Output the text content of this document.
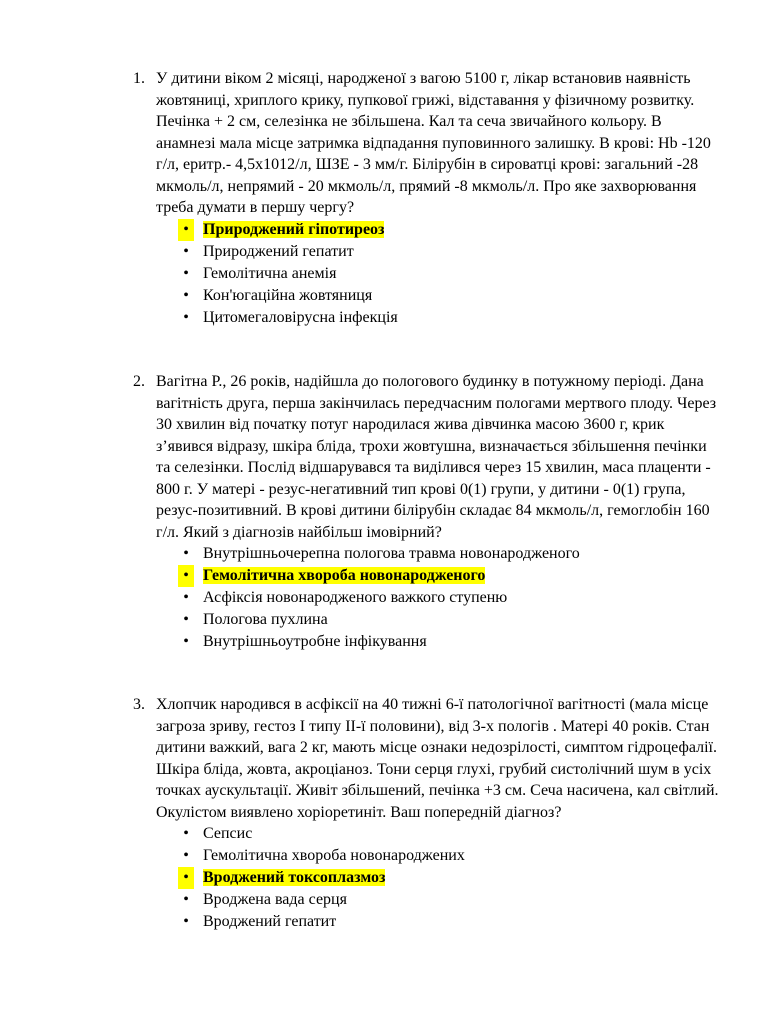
1. У дитини віком 2 місяці, народженої з вагою 5100 г, лікар встановив наявність жовтяниці, хриплого крику, пупкової грижі, відставання у фізичному розвитку. Печінка + 2 см, селезінка не збільшена. Кал та сеча звичайного кольору. В анамнезі мала місце затримка відпадання пуповинного залишку. В крові: Hb -120 г/л, еритр.- 4,5х1012/л, ШЗЕ - 3 мм/г. Білірубін в сироватці крові: загальний -28 мкмоль/л, непрямий - 20 мкмоль/л, прямий -8 мкмоль/л. Про яке захворювання треба думати в першу чергу?
• Природжений гіпотиреоз
• Природжений гепатит
• Гемолітична анемія
• Кон'югаційна жовтяниця
• Цитомегаловірусна інфекція
2. Вагітна Р., 26 років, надійшла до пологового будинку в потужному періоді. Дана вагітність друга, перша закінчилась передчасним пологами мертвого плоду. Через 30 хвилин від початку потуг народилася жива дівчинка масою 3600 г, крик з’явився відразу, шкіра бліда, трохи жовтушна, визначається збільшення печінки та селезінки. Послід відшарувався та виділився через 15 хвилин, маса плаценти - 800 г. У матері - резус-негативний тип крові 0(1) групи, у дитини - 0(1) група, резус-позитивний. В крові дитини білірубін складає 84 мкмоль/л, гемоглобін 160 г/л. Який з діагнозів найбільш імовірний?
• Внутрішньочерепна пологова травма новонародженого
• Гемолітична хвороба новонародженого
• Асфіксія новонародженого важкого ступеню
• Пологова пухлина
• Внутрішньоутробне інфікування
3. Хлопчик народився в асфіксії на 40 тижні 6-ї патологічної вагітності (мала місце загроза зриву, гестоз І типу ІІ-ї половини), від 3-х пологів . Матері 40 років. Стан дитини важкий, вага 2 кг, мають місце ознаки недозрілості, симптом гідроцефалії. Шкіра бліда, жовта, акроціаноз. Тони серця глухі, грубий систолічний шум в усіх точках аускультації. Живіт збільшений, печінка +3 см. Сеча насичена, кал світлий. Окулістом виявлено хоріоретиніт. Ваш попередній діагноз?
• Сепсис
• Гемолітична хвороба новонароджених
• Вроджений токсоплазмоз
• Вроджена вада серця
• Вроджений гепатит
